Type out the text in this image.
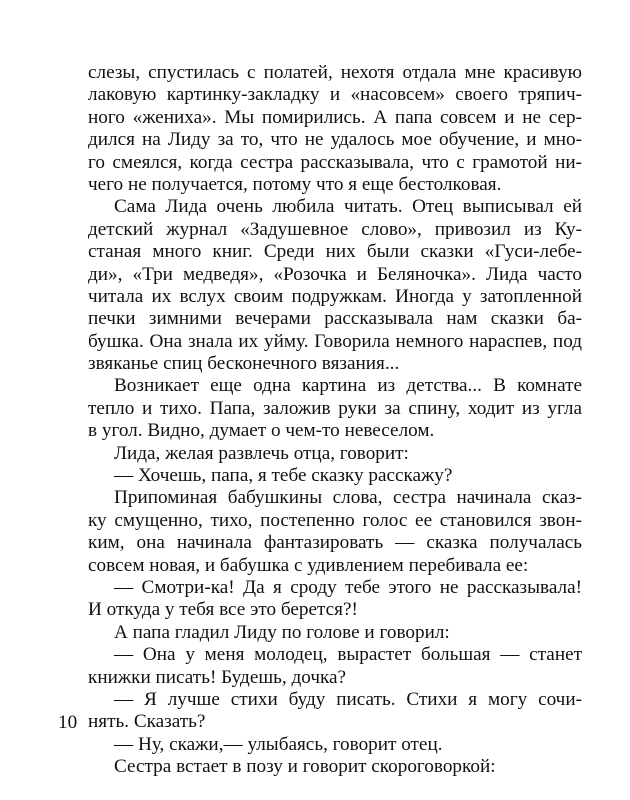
слезы, спустилась с полатей, нехотя отдала мне красивую
лаковую картинку-закладку и «насовсем» своего тряпич-
ного «жениха». Мы помирились. А папа совсем и не сер-
дился на Лиду за то, что не удалось мое обучение, и мно-
го смеялся, когда сестра рассказывала, что с грамотой ни-
чего не получается, потому что я еще бестолковая.
Сама Лида очень любила читать. Отец выписывал ей
детский журнал «Задушевное слово», привозил из Ку-
станая много книг. Среди них были сказки «Гуси-лебе-
ди», «Три медведя», «Розочка и Беляночка». Лида часто
читала их вслух своим подружкам. Иногда у затопленной
печки зимними вечерами рассказывала нам сказки ба-
бушка. Она знала их уйму. Говорила немного нараспев, под
звяканье спиц бесконечного вязания...
Возникает еще одна картина из детства... В комнате
тепло и тихо. Папа, заложив руки за спину, ходит из угла
в угол. Видно, думает о чем-то невеселом.
Лида, желая развлечь отца, говорит:
— Хочешь, папа, я тебе сказку расскажу?
Припоминая бабушкины слова, сестра начинала сказ-
ку смущенно, тихо, постепенно голос ее становился звон-
ким, она начинала фантазировать — сказка получалась
совсем новая, и бабушка с удивлением перебивала ее:
— Смотри-ка! Да я сроду тебе этого не рассказывала!
И откуда у тебя все это берется?!
А папа гладил Лиду по голове и говорил:
— Она у меня молодец, вырастет большая — станет
книжки писать! Будешь, дочка?
— Я лучше стихи буду писать. Стихи я могу сочи-
нять. Сказать?
— Ну, скажи,— улыбаясь, говорит отец.
Сестра встает в позу и говорит скороговоркой:
10
